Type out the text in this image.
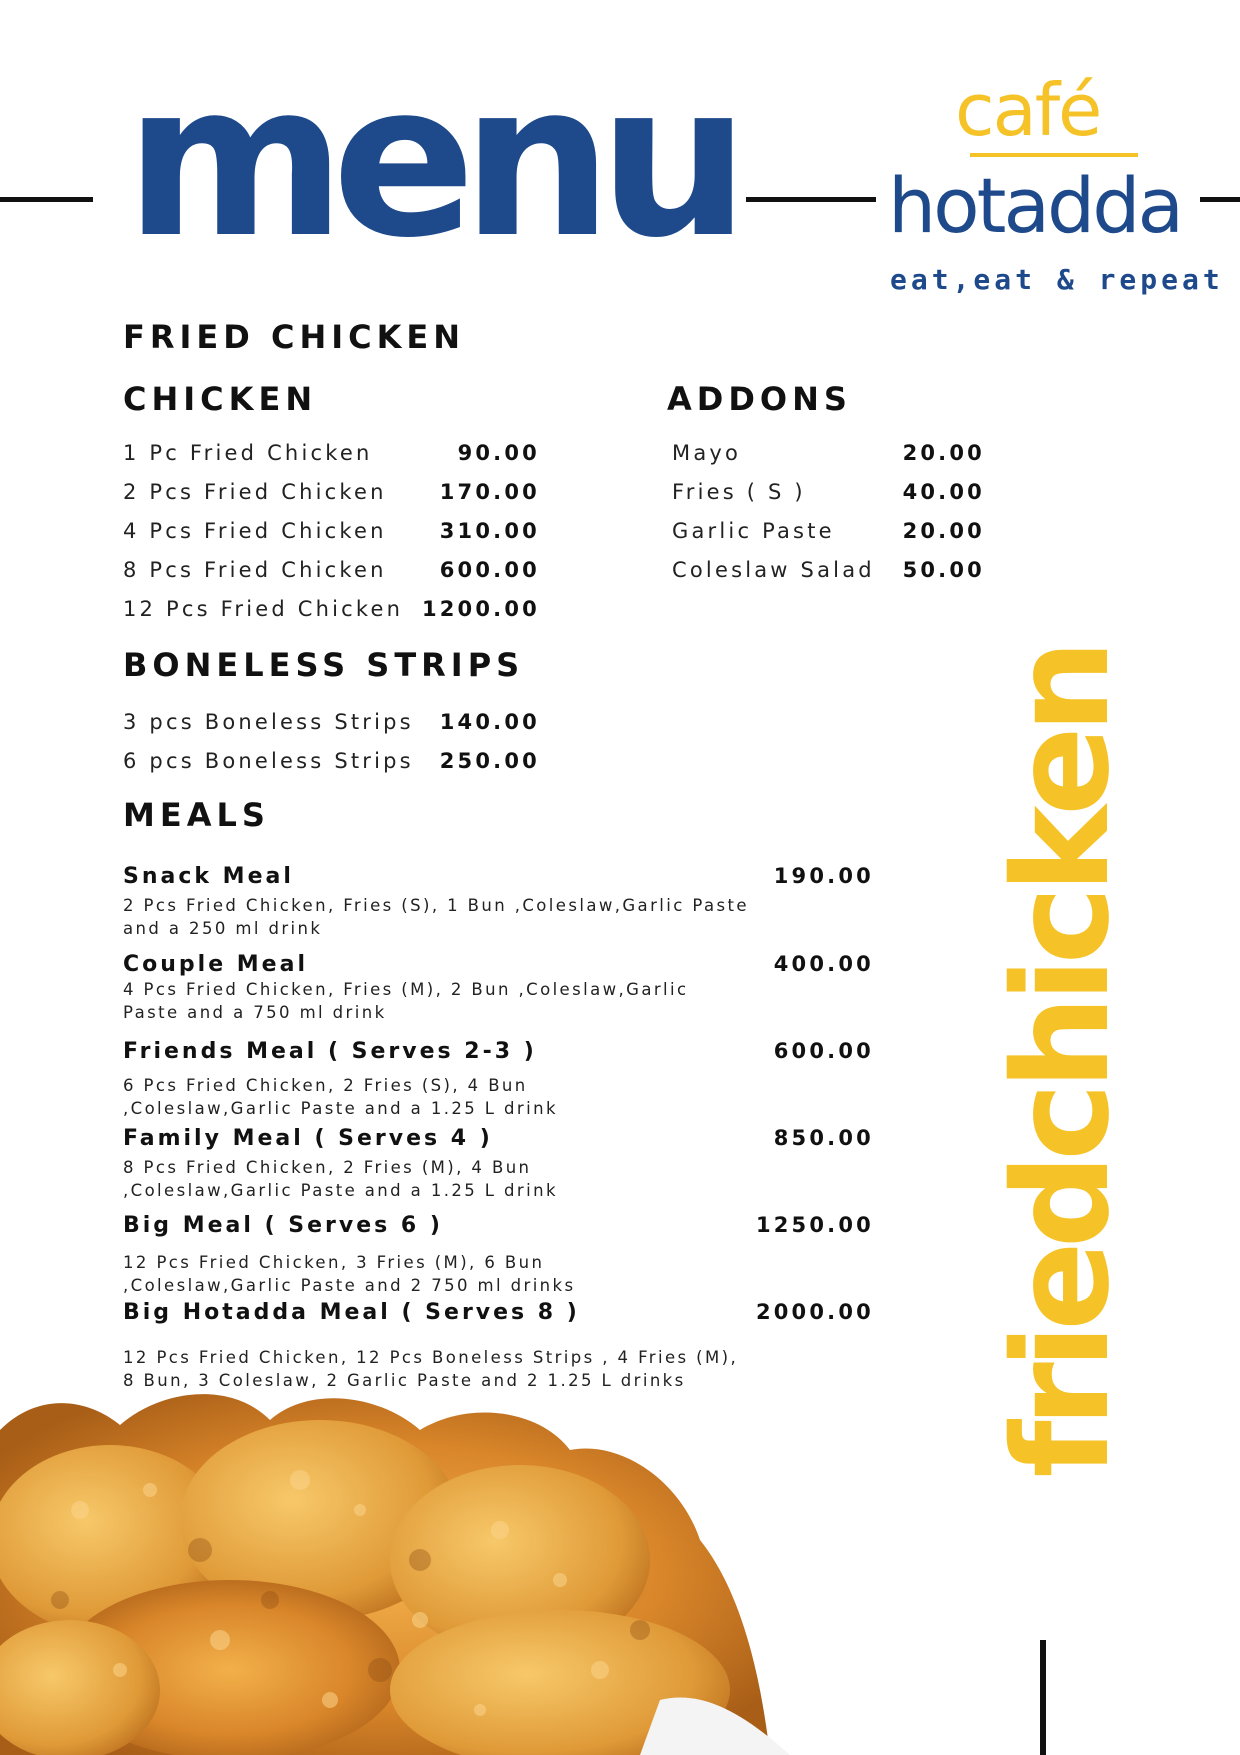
menu	café
hotadda
eat,eat & repeat
FRIED CHICKEN
CHICKEN	ADDONS
BONELESS STRIPS
MEALS
1 Pc Fried Chicken	90.00
2 Pcs Fried Chicken	170.00
4 Pcs Fried Chicken	310.00
8 Pcs Fried Chicken	600.00
12 Pcs Fried Chicken 1200.00
Mayo	20.00
Fries ( S )	40.00
Garlic Paste	20.00
Coleslaw Salad	50.00
3 pcs Boneless Strips	140.00
6 pcs Boneless Strips	250.00
Snack Meal	190.00
2 Pcs Fried Chicken, Fries (S), 1 Bun ,Coleslaw,Garlic Paste and a 250 ml drink
Couple Meal	400.00
4 Pcs Fried Chicken, Fries (M), 2 Bun ,Coleslaw,Garlic Paste and a 750 ml drink
Friends Meal ( Serves 2-3 )	600.00
6 Pcs Fried Chicken, 2 Fries (S), 4 Bun ,Coleslaw,Garlic Paste and a 1.25 L drink
Family Meal ( Serves 4 )	850.00
8 Pcs Fried Chicken, 2 Fries (M), 4 Bun ,Coleslaw,Garlic Paste and a 1.25 L drink
Big Meal ( Serves 6 )	1250.00
12 Pcs Fried Chicken, 3 Fries (M), 6 Bun ,Coleslaw,Garlic Paste and 2 750 ml drinks
Big Hotadda Meal ( Serves 8 )	2000.00
12 Pcs Fried Chicken, 12 Pcs Boneless Strips , 4 Fries (M), 8 Bun, 3 Coleslaw, 2 Garlic Paste and 2 1.25 L drinks	friedchicken
